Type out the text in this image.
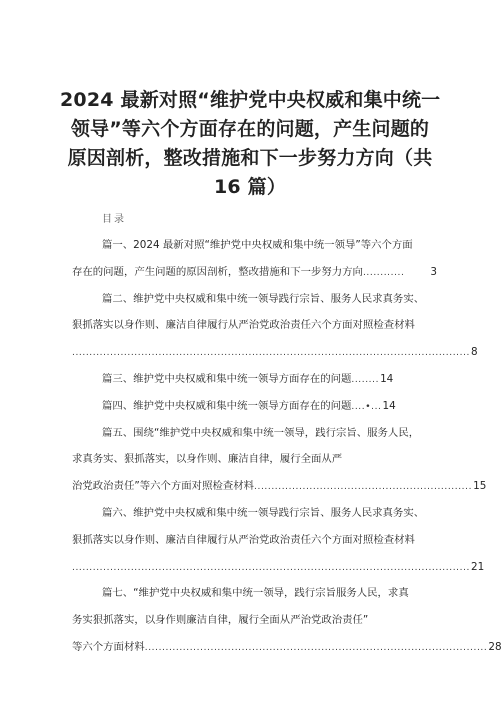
2024 最新对照“维护党中央权威和集中统一
领导”等六个方面存在的问题，产生问题的
原因剖析，整改措施和下一步努力方向（共
16 篇）
目录
篇一、2024 最新对照“维护党中央权威和集中统一领导”等六个方面
存在的问题，产生问题的原因剖析，整改措施和下一步努力方向 ............	3
篇二、维护党中央权威和集中统一领导践行宗旨、服务人民求真务实、
狠抓落实以身作则、廉洁自律履行从严治党政治责任六个方面对照检查材料
................................................................................................................... 8
篇三、维护党中央权威和集中统一领导方面存在的问题 ........ 14
篇四、维护党中央权威和集中统一领导方面存在的问题 ....•... 14
篇五、围绕“维护党中央权威和集中统一领导，践行宗旨、服务人民，
求真务实、狠抓落实，以身作则、廉洁自律，履行全面从严
治党政治责任”等六个方面对照检查材料 ............................................................... 15
篇六、维护党中央权威和集中统一领导践行宗旨、服务人民求真务实、
狠抓落实以身作则、廉洁自律履行从严治党政治责任六个方面对照检查材料
................................................................................................................... 21
篇七、“维护党中央权威和集中统一领导，践行宗旨服务人民，求真
务实狠抓落实，以身作则廉洁自律，履行全面从严治党政治责任”
等六个方面材料 ................................................................................................... 28
